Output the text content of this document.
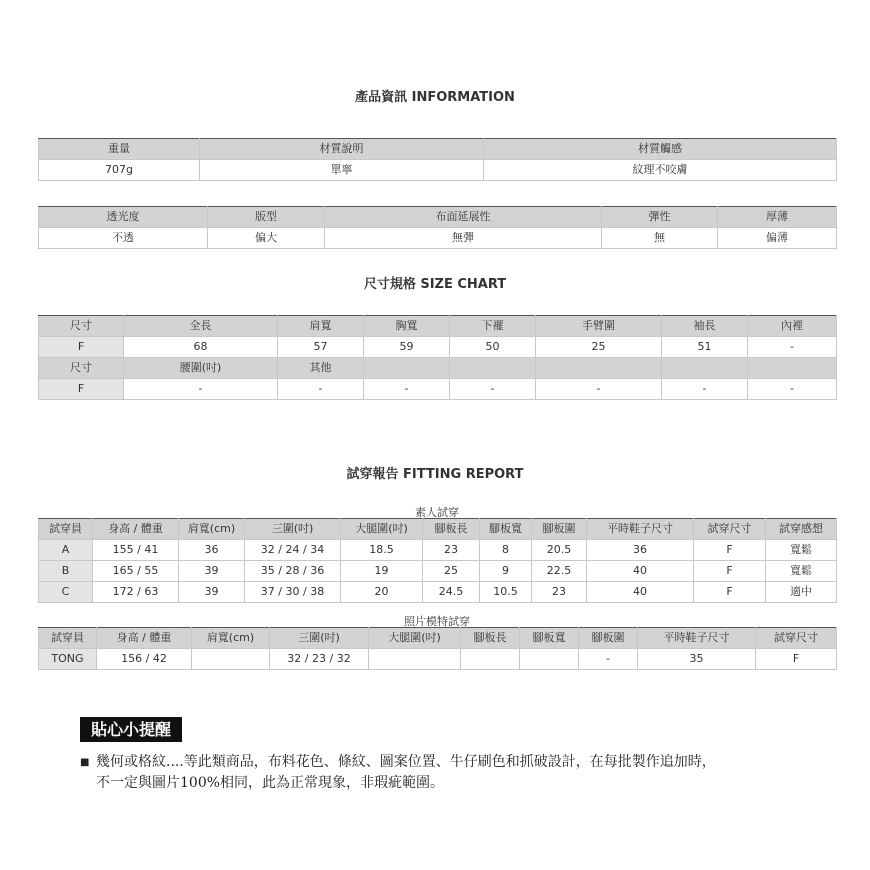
產品資訊 INFORMATION
重量	材質說明	材質觸感
707g	單寧	紋理不咬膚
透光度	版型	布面延展性	彈性	厚薄
不透	偏大	無彈	無	偏薄
尺寸規格 SIZE CHART
尺寸	全長	肩寬	胸寬	下襬	手臂圍	袖長	內裡
F	68	57	59	50	25	51	-
尺寸	腰圍(吋)	其他					
F	-	-	-	-	-	-	-
試穿報告 FITTING REPORT
素人試穿
試穿員	身高 / 體重	肩寬(cm)	三圍(吋)	大腿圍(吋)	腳板長	腳板寬	腳板圍	平時鞋子尺寸	試穿尺寸	試穿感想
A	155 / 41	36	32 / 24 / 34	18.5	23	8	20.5	36	F	寬鬆
B	165 / 55	39	35 / 28 / 36	19	25	9	22.5	40	F	寬鬆
C	172 / 63	39	37 / 30 / 38	20	24.5	10.5	23	40	F	適中
照片模特試穿
試穿員	身高 / 體重	肩寬(cm)	三圍(吋)	大腿圍(吋)	腳板長	腳板寬	腳板圍	平時鞋子尺寸	試穿尺寸
TONG	156 / 42		32 / 23 / 32				-	35	F
貼心小提醒
■ 幾何或格紋....等此類商品，布料花色、條紋、圖案位置、牛仔刷色和抓破設計，在每批製作追加時，
不一定與圖片100%相同，此為正常現象，非瑕疵範圍。
